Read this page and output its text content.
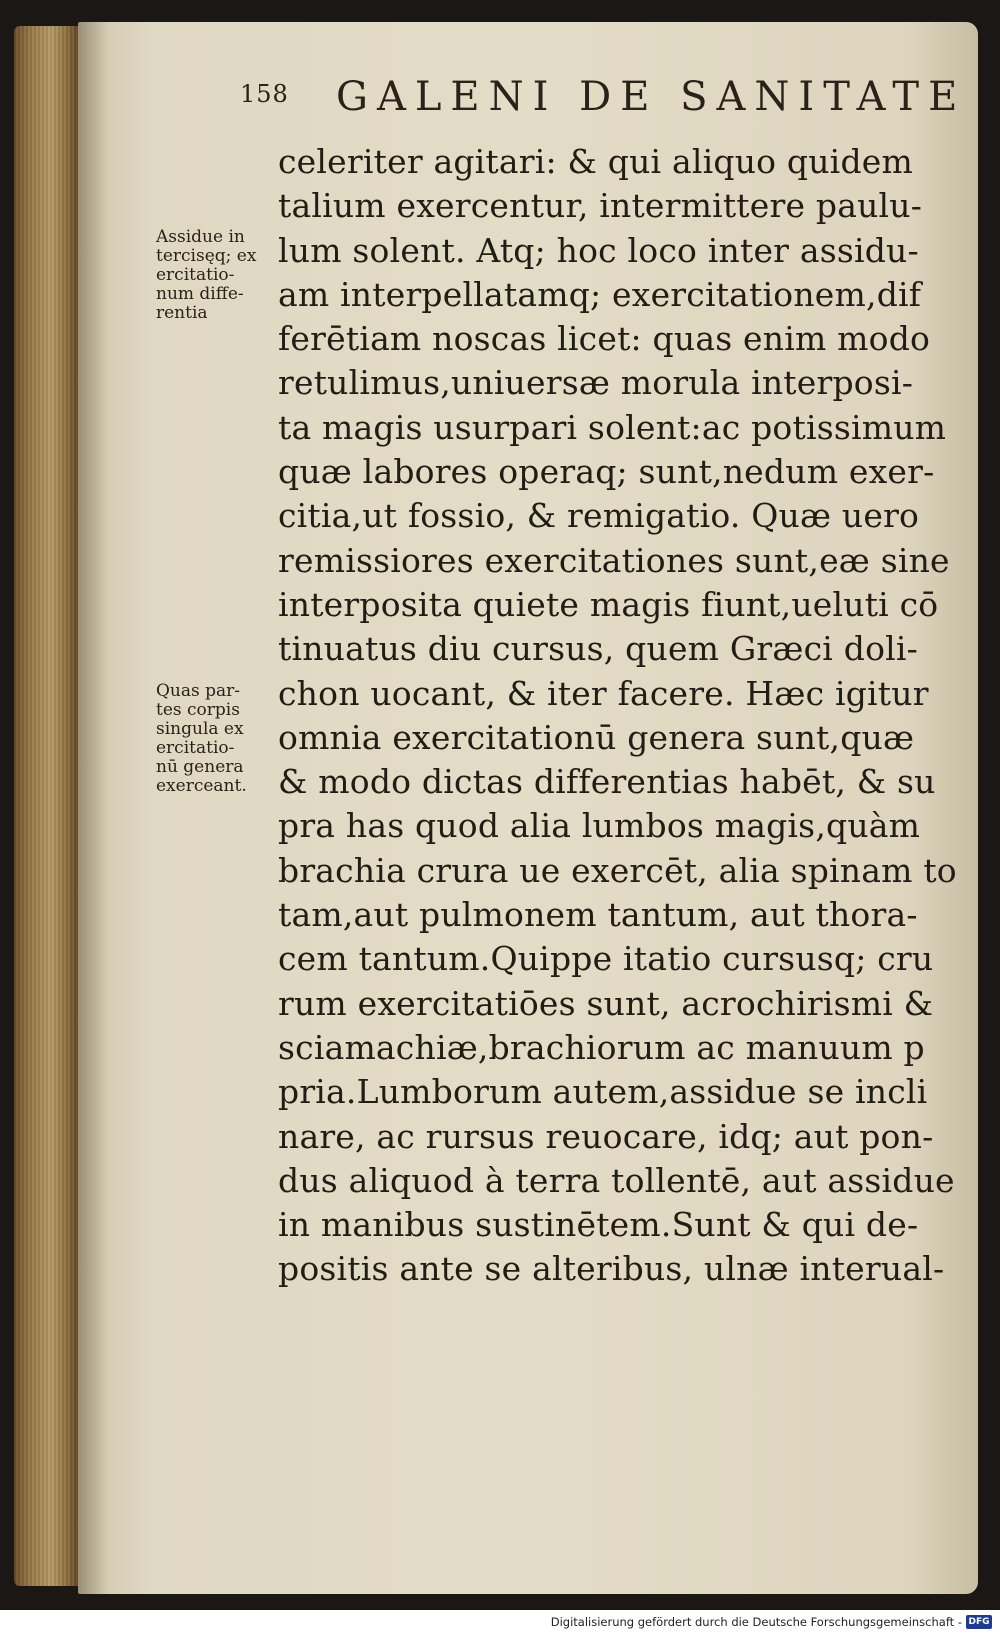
158 GALENI DE SANITATE
Assidue in
tercisęq; ex
ercitatio-
num diffe-
rentia
Quas par-
tes corpis
singula ex
ercitatio-
nū genera
exerceant.
celeriter agitari: & qui aliquo quidem
talium exercentur, intermittere paulu-
lum solent. Atq; hoc loco inter assidu-
am interpellatamq; exercitationem,dif
ferētiam noscas licet: quas enim modo
retulimus,uniuersæ morula interposi-
ta magis usurpari solent:ac potissimum
quæ labores operaq; sunt,nedum exer-
citia,ut fossio, & remigatio. Quæ uero
remissiores exercitationes sunt,eæ sine
interposita quiete magis fiunt,ueluti cō
tinuatus diu cursus, quem Græci doli-
chon uocant, & iter facere. Hæc igitur
omnia exercitationū genera sunt,quæ
& modo dictas differentias habēt, & su
pra has quod alia lumbos magis,quàm
brachia crura ue exercēt, alia spinam to
tam,aut pulmonem tantum, aut thora-
cem tantum.Quippe itatio cursusq; cru
rum exercitatiōes sunt, acrochirismi &
sciamachiæ,brachiorum ac manuum p
pria.Lumborum autem,assidue se incli
nare, ac rursus reuocare, idq; aut pon-
dus aliquod à terra tollentē, aut assidue
in manibus sustinētem.Sunt & qui de-
positis ante se alteribus, ulnæ interual-
Digitalisierung gefördert durch die Deutsche Forschungsgemeinschaft - DFG
